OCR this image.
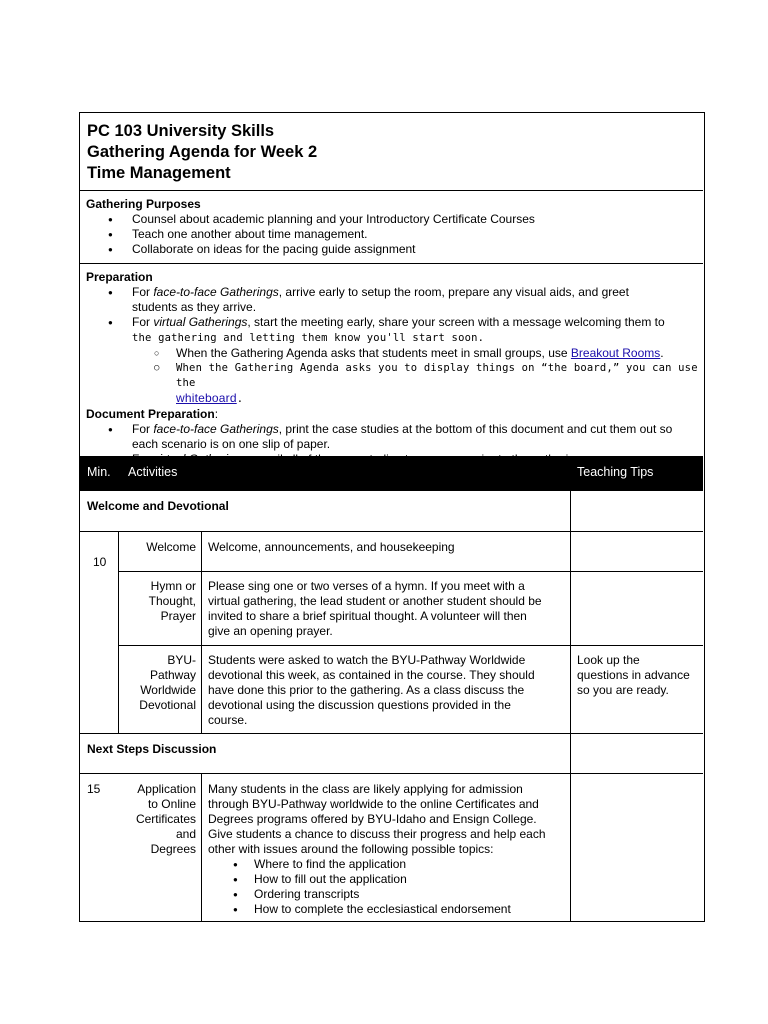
PC 103 University Skills
Gathering Agenda for Week 2
Time Management
Gathering Purposes
● Counsel about academic planning and your Introductory Certificate Courses
● Teach one another about time management.
● Collaborate on ideas for the pacing guide assignment
Preparation
● For face-to-face Gatherings, arrive early to setup the room, prepare any visual aids, and greet
students as they arrive.
● For virtual Gatherings, start the meeting early, share your screen with a message welcoming them to
the gathering and letting them know you'll start soon.
○ When the Gathering Agenda asks that students meet in small groups, use Breakout Rooms.
○ When the Gathering Agenda asks you to display things on “the board,” you can use the
whiteboard.
Document Preparation:
● For face-to-face Gatherings, print the case studies at the bottom of this document and cut them out so
each scenario is on one slip of paper.
●
Min. Activities	Teaching Tips
Welcome and Devotional
10
Welcome Welcome, announcements, and housekeeping
Hymn or
Thought,
Prayer
Please sing one or two verses of a hymn. If you meet with a
virtual gathering, the lead student or another student should be
invited to share a brief spiritual thought. A volunteer will then
give an opening prayer.
BYU-
Pathway
Worldwide
Devotional
Students were asked to watch the BYU-Pathway Worldwide
devotional this week, as contained in the course. They should
have done this prior to the gathering. As a class discuss the
devotional using the discussion questions provided in the
course.
Look up the
questions in advance
so you are ready.
Next Steps Discussion
15	Application
to Online
Certificates
and
Degrees
Many students in the class are likely applying for admission
through BYU-Pathway worldwide to the online Certificates and
Degrees programs offered by BYU-Idaho and Ensign College.
Give students a chance to discuss their progress and help each
other with issues around the following possible topics:
● Where to find the application
● How to fill out the application
● Ordering transcripts
● How to complete the ecclesiastical endorsement
